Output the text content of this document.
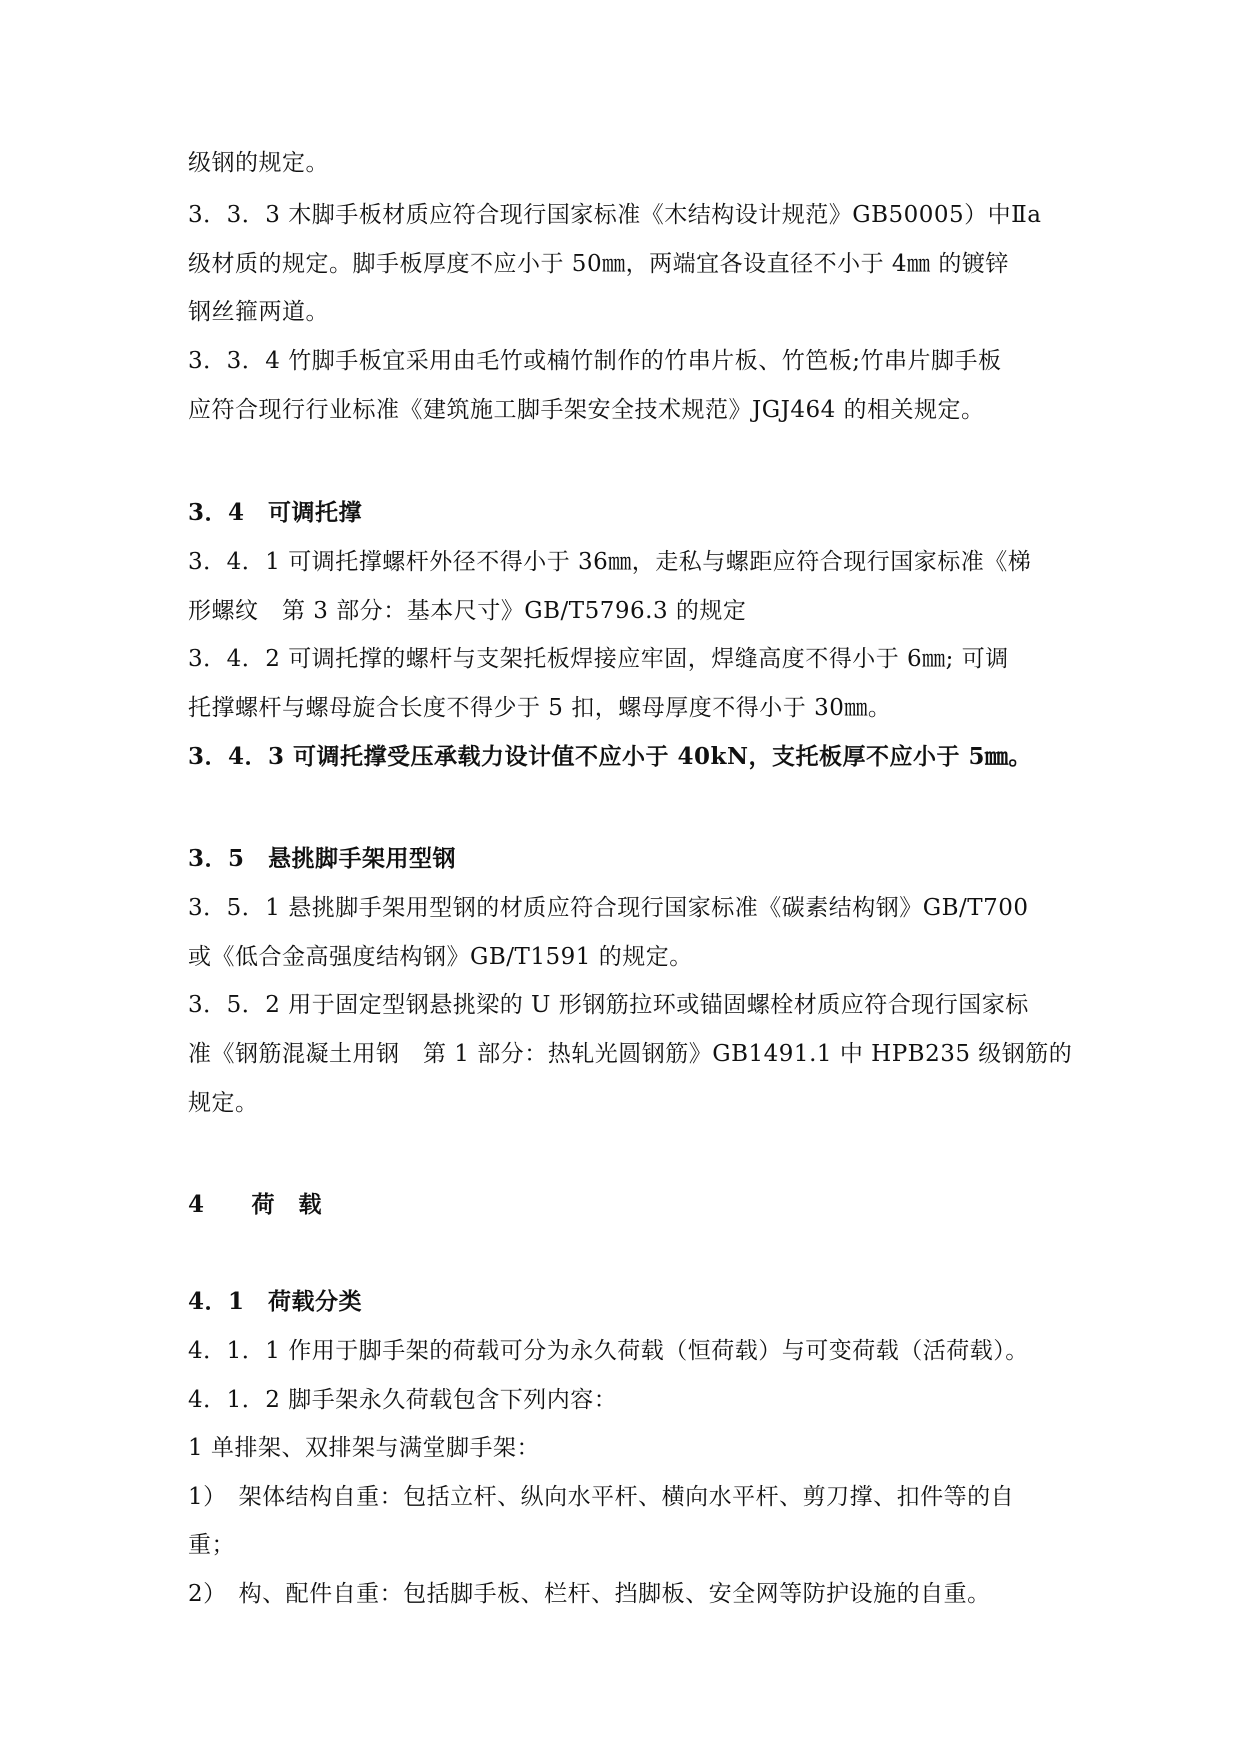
级钢的规定。
3．3．3 木脚手板材质应符合现行国家标准《木结构设计规范》GB50005）中Ⅱa
级材质的规定。脚手板厚度不应小于 50㎜，两端宜各设直径不小于 4㎜ 的镀锌
钢丝箍两道。
3．3．4 竹脚手板宜采用由毛竹或楠竹制作的竹串片板、竹笆板;竹串片脚手板
应符合现行行业标准《建筑施工脚手架安全技术规范》JGJ464 的相关规定。
3．4　可调托撑
3．4．1 可调托撑螺杆外径不得小于 36㎜，走私与螺距应符合现行国家标准《梯
形螺纹　第 3 部分：基本尺寸》GB/T5796.3 的规定
3．4．2 可调托撑的螺杆与支架托板焊接应牢固，焊缝高度不得小于 6㎜; 可调
托撑螺杆与螺母旋合长度不得少于 5 扣，螺母厚度不得小于 30㎜。
3．4．3 可调托撑受压承载力设计值不应小于 40kN，支托板厚不应小于 5㎜。
3．5　悬挑脚手架用型钢
3．5．1 悬挑脚手架用型钢的材质应符合现行国家标准《碳素结构钢》GB/T700
或《低合金高强度结构钢》GB/T1591 的规定。
3．5．2 用于固定型钢悬挑梁的 U 形钢筋拉环或锚固螺栓材质应符合现行国家标
准《钢筋混凝土用钢　第 1 部分：热轧光圆钢筋》GB1491.1 中 HPB235 级钢筋的
规定。
4　　荷　载
4．1　荷载分类
4．1．1 作用于脚手架的荷载可分为永久荷载（恒荷载）与可变荷载（活荷载）。
4．1．2 脚手架永久荷载包含下列内容：
1 单排架、双排架与满堂脚手架：
1）　架体结构自重：包括立杆、纵向水平杆、横向水平杆、剪刀撑、扣件等的自
重；
2）　构、配件自重：包括脚手板、栏杆、挡脚板、安全网等防护设施的自重。
